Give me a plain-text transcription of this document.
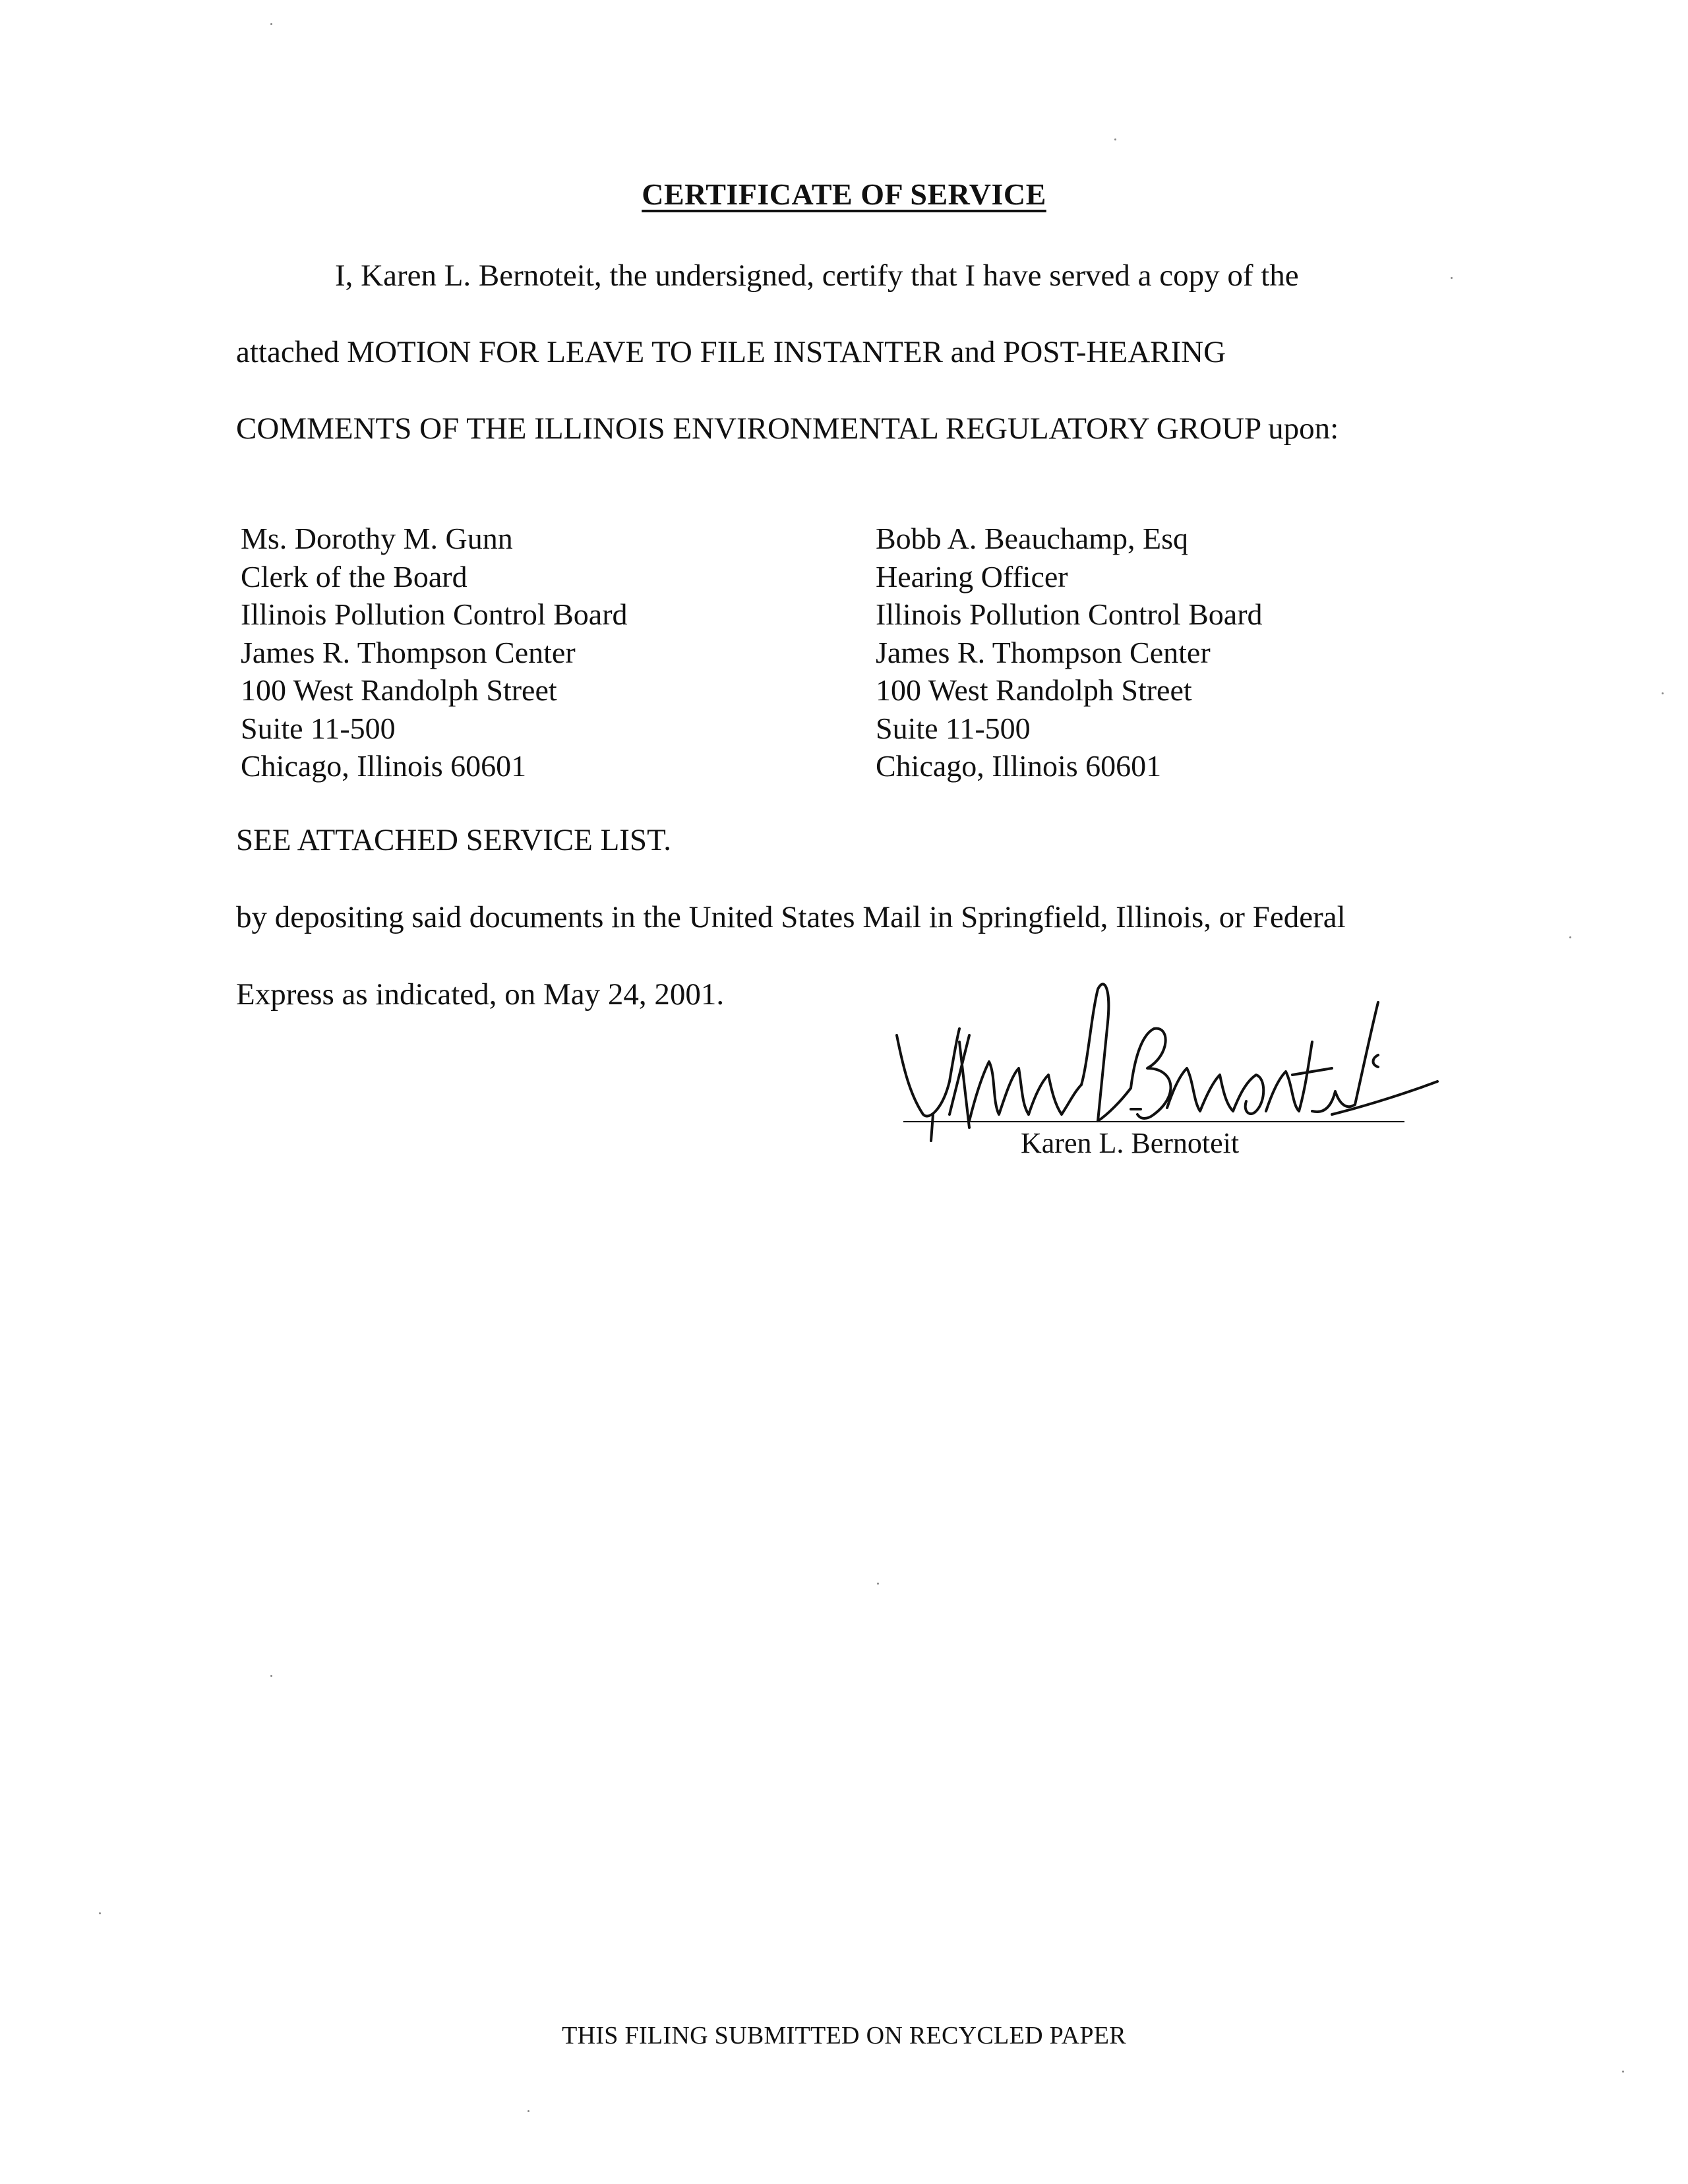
CERTIFICATE OF SERVICE
I, Karen L. Bernoteit, the undersigned, certify that I have served a copy of the
attached MOTION FOR LEAVE TO FILE INSTANTER and POST-HEARING
COMMENTS OF THE ILLINOIS ENVIRONMENTAL REGULATORY GROUP upon:
Ms. Dorothy M. Gunn
Clerk of the Board
Illinois Pollution Control Board
James R. Thompson Center
100 West Randolph Street
Suite 11-500
Chicago, Illinois 60601
Bobb A. Beauchamp, Esq
Hearing Officer
Illinois Pollution Control Board
James R. Thompson Center
100 West Randolph Street
Suite 11-500
Chicago, Illinois 60601
SEE ATTACHED SERVICE LIST.
by depositing said documents in the United States Mail in Springfield, Illinois, or Federal
Express as indicated, on May 24, 2001.
Karen L. Bernoteit
THIS FILING SUBMITTED ON RECYCLED PAPER
